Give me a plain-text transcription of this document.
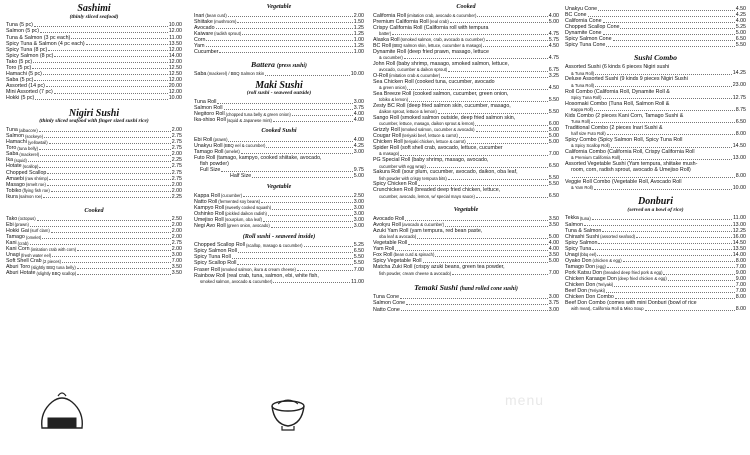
Sashimi
(thinly sliced seafood)
Tuna (5 pc)	10.00
Salmon (5 pc)	12.00
Tuna & Salmon (3 pc each)	11.00
Spicy Tuna & Salmon (4 pc each)	13.50
Spicy Tuna (8 pc)	12.00
Spicy Salmon (8 pc)	14.00
Tako (5 pc)	12.00
Toro (5 pc)	12.50
Hamachi (5 pc)	12.50
Saba (5 pc)	12.00
Assorted (14 pc)	20.00
Mini Assorted (7 pc)	12.00
Hokki (5 pc)	10.00
Nigiri Sushi
(thinly sliced seafood with finger sized sushi rice)
Tuna (albacore)	2.00
Salmon (sockeye)	2.75
Hamachi (yellowtail)	2.75
Toro (tuna belly)	2.75
Saba (mackerel)	2.00
Ika (squid)	2.25
Hotate (scallop)	2.75
Chopped Scallop	2.75
Amaebi (raw shrimp)	2.75
Masago (smelt roe)	2.00
Tobiko (flying fish roe)	2.00
Ikura (salmon roe)	2.25
Cooked
Tako (octopus)	2.50
Ebi (prawn)	2.00
Hokki Gai (surf clam)	2.00
Tamago (omelet)	2.00
Kani (crab)	2.75
Kani Corn (imitation crab with corn)	2.00
Unagi (fresh water eel)	3.00
Soft Shell Crab (2 pieces)	7.00
Aburi Toro (slightly BBQ tuna belly)	3.50
Aburi Hotate (slightly BBQ scallop)	3.50
Vegetable
Inari (bean curd)	2.00
Shiitake (mushroom)	1.50
Avocado	1.25
Kaiware (radish sprout)	1.25
Corn	1.00
Yam	1.25
Cucumber	1.00
Battera (press sushi)
Saba (mackerel) / BBQ Salmon Skin	10.00
Maki Sushi
(roll sushi - seaweed outside)
Tuna Roll	3.00
Salmon Roll	3.75
Negitoro Roll (chopped tuna belly & green onion)	4.00
Ika-shiso Roll (squid & Japanese mint)	4.00
Cooked Sushi
Ebi Roll (prawn)	4.00
Unakyu Roll (BBQ eel & cucumber)	4.25
Tamago Roll (omelet)	3.00
Futo Roll (tamago, kampyo, cooked shiitake, avocado,
fish powder)
Full Size	9.75
Half Size	5.00
Vegetable
Kappa Roll (cucumber)	2.50
Natto Roll (fermented soy beans)	3.00
Kampyo Roll (sweetly cooked squash)	3.00
Oshinko Roll (pickled daikon radish)	3.00
Umejiso Roll (sourplum, oba leaf)	3.00
Negi Avo Roll (green onion, avocado)	3.00
(Roll sushi - seaweed inside)
Chopped Scallop Roll (scallop, masago & cucumber)	5.25
Spicy Salmon Roll	6.50
Spicy Tuna Roll	5.50
Spicy Scallop Roll	5.50
Fraser Roll (smoked salmon, ikura & cream cheese)	7.00
Rainbow Roll (real crab, tuna, salmon, ebi, white fish,
smoked salmon, avocado & cucumber)	11.00
Cooked
California Roll (imitation crab, avocado & cucumber)	4.00
Premium California Roll (real crab)	5.00
Crispy California Roll (California roll with tempura
batter)	4.75
Alaska Roll (smoked salmon, crab, avocado & cucumber)	5.75
BC Roll (BBQ salmon skin, lettuce, cucumber & masago)	4.50
Dynamite Roll (deep fried prawn, masago, lettuce
& cucumber)	4.75
John Roll (baby shrimp, masago, smoked salmon, lettuce,
avocado, cucumber & daikon sprout)	6.75
O-Roll (imitation crab & cucumber)	3.25
Sea Chicken Roll (cooked tuna, cucumber, avocado
& green onion)	4.50
Sea Breeze Roll (cooked salmon, cucumber, green onion,
tobiko & lemon)	5.50
Zesty BC Roll (deep fried salmon skin, cucumber, masago,
daikon sprout, lettuce & lemon)	5.50
Sango Roll (smoked salmon outside, deep fried salmon skin,
cucumber, lettuce, masago, daikon sprout & lemon)	6.00
Grizzly Roll (smoked salmon, cucumber & avocado)	5.00
Cougar Roll (teriyaki beef, lettuce & carrot)	5.00
Chicken Roll (teriyaki chicken, lettuce & carrot)	5.00
Spider Roll (soft shell crab, avocado, lettuce, cucumber
& masago)	7.00
PG Special Roll (baby shrimp, masago, avocado,
cucumber with egg wrap)	6.50
Sakura Roll (sour plum, cucumber, avocado, daikon, oba leaf,
fish powder with crispy tempura bits)	5.50
Spicy Chicken Roll	5.50
Crunchicken Roll (breaded deep fried chicken, lettuce,
cucumber, avocado, lemon, w/ special mayo sauce)	6.50
Vegetable
Avocado Roll	3.50
Avokyu Roll (avocado & cucumber)	3.50
Azuki Yam Roll (yam tempura, red bean paste,
oba leaf & avocado)	5.00
Vegetable Roll	4.00
Yam Roll	4.00
Fox Roll (bean curd & spinach)	3.50
Spicy Vegetable Roll	5.00
Matcha Zuki Roll (crispy azuki beans, green tea powder,
fish powder, cream cheese & avocado)	7.00
Temaki Sushi (hand rolled cone sushi)
Tuna Cone	3.00
Salmon Cone	3.75
Natto Cone	3.00
Unakyu Cone	4.50
BC Cone	4.25
California Cone	4.00
Chopped Scallop Cone	5.25
Dynamite Cone	5.00
Spicy Salmon Cone	6.50
Spicy Tuna Cone	5.50
Sushi Combo
Assorted Sushi (6 kinds 6 pieces Nigiri sushi
& Tuna Roll)	14.25
Deluxe Assorted Sushi (9 kinds 9 pieces Nigiri Sushi
& Tuna Roll)	23.00
Roll Combo (California Roll, Dynamite Roll &
Spicy Tuna Roll)	12.75
Hosomaki Combo (Tuna Roll, Salmon Roll &
Kappa Roll)	8.75
Kids Combo (2 pieces Kani Corn, Tamago Sushi &
Tuna Roll)	6.50
Traditional Combo (2 pieces Inari Sushi &
half size Futo Roll)	8.00
Spicy Combo (Spicy Salmon Roll, Spicy Tuna Roll
& Spicy Scallop Roll)	14.50
California Combo (California Roll, Crispy California Roll
& Premium California Roll)	13.00
Assorted Vegetable Sushi (Yam tempura, shiitake mush-
room, corn, radish sprout, avocado & Umejiso Roll)
8.00
Veggie Roll Combo (Vegetable Roll, Avocado Roll
& Yam Roll)	10.00
Donburi
(served on a bowl of rice)
Tekka (tuna)	11.00
Salmon	13.00
Tuna & Salmon	12.25
Chirashi Sushi (assorted seafood)	16.00
Spicy Salmon	14.50
Spicy Tuna	13.50
Unagi (bbq eel)	14.00
Oyako Don (chicken & egg)	8.00
Tamago Don (egg)	7.00
Pork Katsu Don (breaded deep fried pork & egg)	9.00
Chicken Karaage Don (deep fried chicken & egg)	9.00
Chicken Don (Teriyaki)	7.00
Beef Don (Teriyaki)	7.00
Chicken Don Combo	8.00
Beef Don Combo (comes with mini Donburi (bowl of rice
with meat), California Roll & Miso Soup	8.00
menu
